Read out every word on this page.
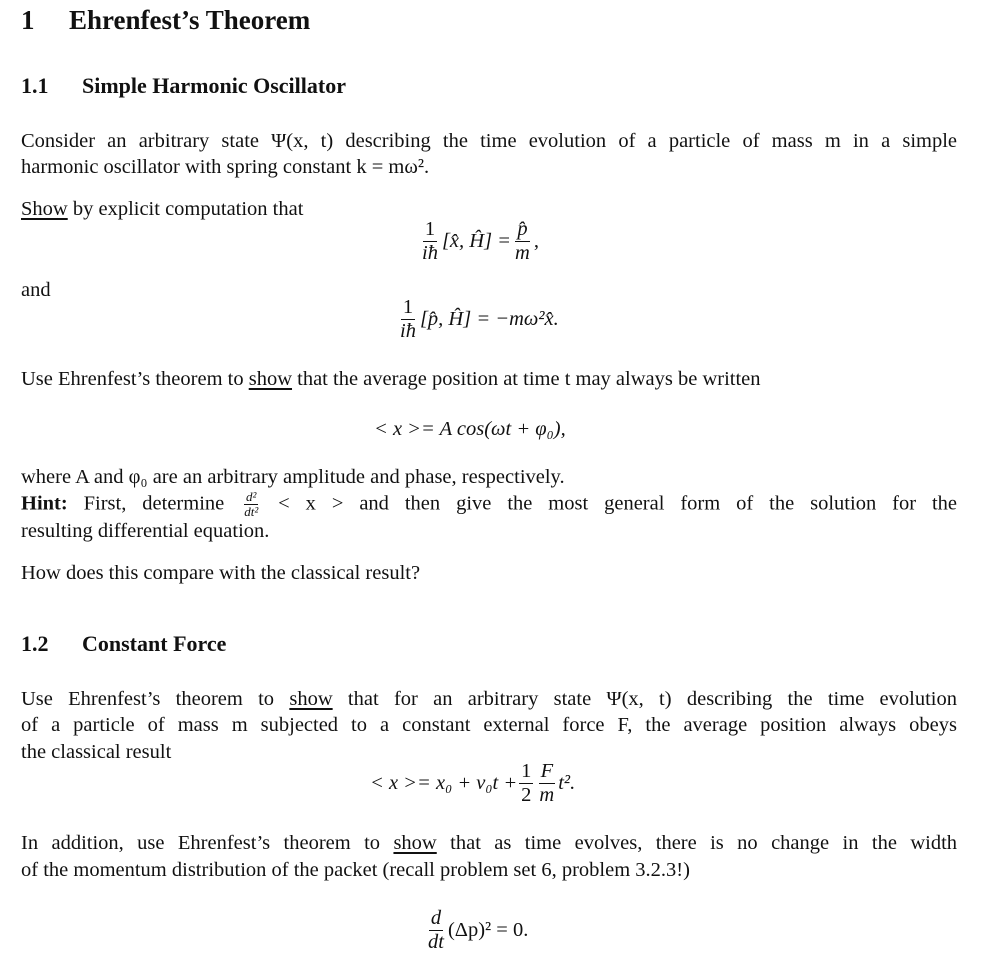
1 Ehrenfest’s Theorem
1.1 Simple Harmonic Oscillator
Consider an arbitrary state Ψ(x, t) describing the time evolution of a particle of mass m in a simple
harmonic oscillator with spring constant k = mω².
Show by explicit computation that
$\frac{1}{iħ}$ [x̂, Ĥ] = $\frac{p̂}{m}$ ,
and
$\frac{1}{iħ}$ [p̂, Ĥ] = −mω²x̂.
Use Ehrenfest’s theorem to show that the average position at time t may always be written
< x >= A cos(ωt + φ₀),
where A and φ₀ are an arbitrary amplitude and phase, respectively.
Hint: First, determine $\frac{\text{d²}}{\text{dt²}} < x$ > and then give the most general form of the solution for the
resulting differential equation.
How does this compare with the classical result?
1.2 Constant Force
Use Ehrenfest’s theorem to show that for an arbitrary state Ψ(x, t) describing the time evolution
of a particle of mass m subjected to a constant external force F, the average position always obeys
the classical result
< $x >= x_0 + v_0t + \frac{1}{2} \frac{F}{m} t^2$.
In addition, use Ehrenfest’s theorem to show that as time evolves, there is no change in the width
of the momentum distribution of the packet (recall problem set 6, problem 3.2.3!)
$\frac{d}{dt} (\Delta p)^2 = 0$.
